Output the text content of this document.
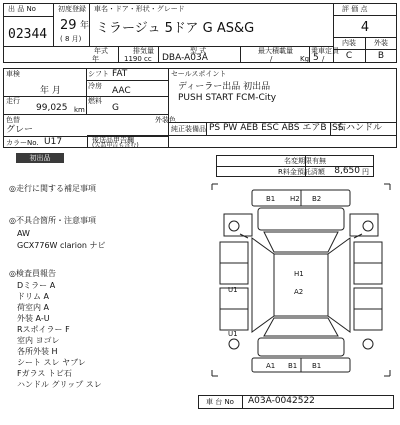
出 品 No
02344
初度登録
29 年
( 8 月)
車名・ドア・形状・グレード
ミラージュ 5ドア G AS&G
評 価 点
4
内装	外装
C	B
年式
年
排気量
1190 cc
型 式
DBA-A03A
最大積載量
/	Kg
乗車定員
5 /
車検
年 月
走行
99,025 km
シフト FAT
冷房 AAC
燃料
G
色替
グレー
外装色
カラーNo. U17
セールスポイント
ディーラー出品 初出品
PUSH START FCM-City
純正装備品 PS PW AEB ESC ABS エアB ISS
右ハンドル
後送品申告欄
(欠品申告も含む)
初出品	名変期限有無
R料金預託済額	8,650 円
◎走行に関する補足事項
◎不具合箇所・注意事項
AW
GCX776W clarion ナビ
◎検査員報告
Dミラー A
ドリム A
荷室内 A
外装 A-U
Rスポイラー F
室内 ヨゴレ
各所外装 H
シート スレ ヤブレ
Fガラス トビ石
ハンドル グリップ スレ
B1 H2 B2
H1
U1	A2
U1
A1 B1 B1
車 台 No A03A-0042522
